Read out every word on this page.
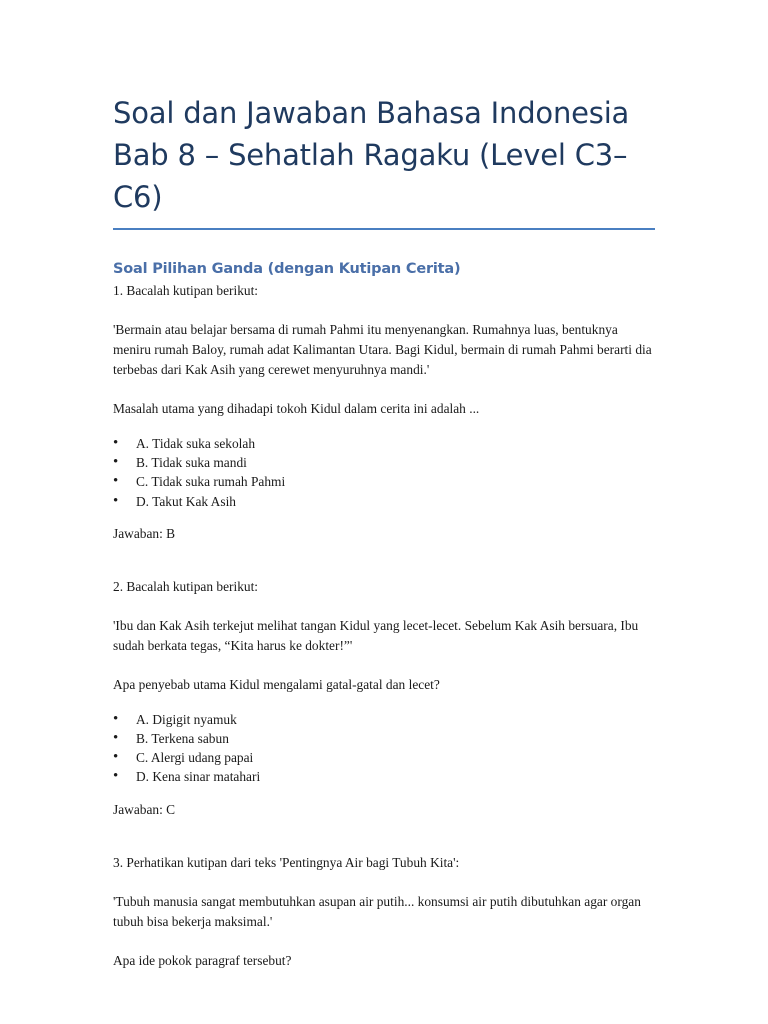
Soal dan Jawaban Bahasa Indonesia Bab 8 – Sehatlah Ragaku (Level C3–C6)
Soal Pilihan Ganda (dengan Kutipan Cerita)

1. Bacalah kutipan berikut:

'Bermain atau belajar bersama di rumah Pahmi itu menyenangkan. Rumahnya luas, bentuknya meniru rumah Baloy, rumah adat Kalimantan Utara. Bagi Kidul, bermain di rumah Pahmi berarti dia terbebas dari Kak Asih yang cerewet menyuruhnya mandi.'

Masalah utama yang dihadapi tokoh Kidul dalam cerita ini adalah ...

• A. Tidak suka sekolah
• B. Tidak suka mandi
• C. Tidak suka rumah Pahmi
• D. Takut Kak Asih

Jawaban: B

2. Bacalah kutipan berikut:

'Ibu dan Kak Asih terkejut melihat tangan Kidul yang lecet-lecet. Sebelum Kak Asih bersuara, Ibu sudah berkata tegas, “Kita harus ke dokter!”'

Apa penyebab utama Kidul mengalami gatal-gatal dan lecet?

• A. Digigit nyamuk
• B. Terkena sabun
• C. Alergi udang papai
• D. Kena sinar matahari

Jawaban: C

3. Perhatikan kutipan dari teks 'Pentingnya Air bagi Tubuh Kita':

'Tubuh manusia sangat membutuhkan asupan air putih... konsumsi air putih dibutuhkan agar organ tubuh bisa bekerja maksimal.'

Apa ide pokok paragraf tersebut?
